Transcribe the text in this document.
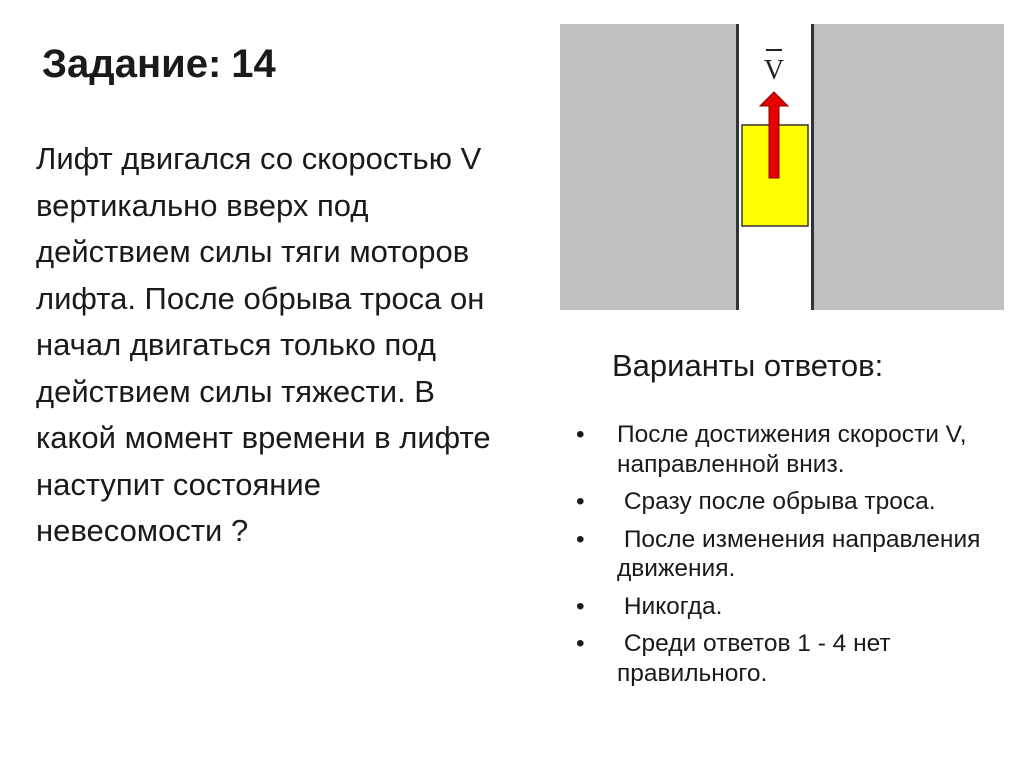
Задание: 14

Лифт двигался со скоростью V вертикально вверх под действием силы тяги моторов лифта. После обрыва троса он начал двигаться только под действием силы тяжести. В какой момент времени в лифте наступит состояние невесомости ?

V
Варианты ответов:
•	После достижения скорости V, направленной вниз.
•	Сразу после обрыва троса.
•	После изменения направления движения.
•	Никогда.
•	Среди ответов 1 - 4 нет правильного.
